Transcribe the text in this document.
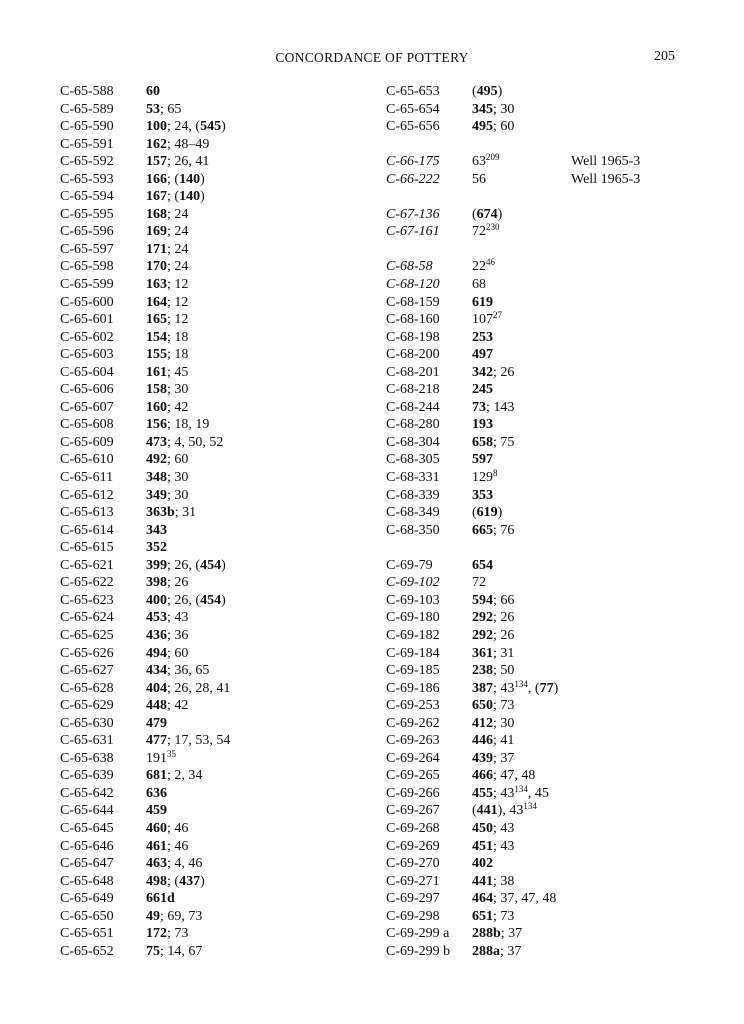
CONCORDANCE OF POTTERY	205
C-65-588 60
C-65-589 53; 65
C-65-590 100; 24, (545)
C-65-591 162; 48–49
C-65-592 157; 26, 41
C-65-593 166; (140)
C-65-594 167; (140)
C-65-595 168; 24
C-65-596 169; 24
C-65-597 171; 24
C-65-598 170; 24
C-65-599 163; 12
C-65-600 164; 12
C-65-601 165; 12
C-65-602 154; 18
C-65-603 155; 18
C-65-604 161; 45
C-65-606 158; 30
C-65-607 160; 42
C-65-608 156; 18, 19
C-65-609 473; 4, 50, 52
C-65-610 492; 60
C-65-611 348; 30
C-65-612 349; 30
C-65-613 363b; 31
C-65-614 343
C-65-615 352
C-65-621 399; 26, (454)
C-65-622 398; 26
C-65-623 400; 26, (454)
C-65-624 453; 43
C-65-625 436; 36
C-65-626 494; 60
C-65-627 434; 36, 65
C-65-628 404; 26, 28, 41
C-65-629 448; 42
C-65-630 479
C-65-631 477; 17, 53, 54
C-65-638 $191^{35}$
C-65-639 681; 2, 34
C-65-642 636
C-65-644 459
C-65-645 460; 46
C-65-646 461; 46
C-65-647 463; 4, 46
C-65-648 498; (437)
C-65-649 661d
C-65-650 49; 69, 73
C-65-651 172; 73
C-65-652 75; 14, 67
C-65-653 (495)
C-65-654 345; 30
C-65-656 495; 60
C-66-175 $63^{209}$	Well 1965-3
C-66-222 56	Well 1965-3
C-67-136 (674)
C-67-161 $72^{230}$
C-68-58	$22^{46}$
C-68-120 68
C-68-159 619
C-68-160 $107^{27}$
C-68-198 253
C-68-200 497
C-68-201 342; 26
C-68-218 245
C-68-244 73; 143
C-68-280 193
C-68-304 658; 75
C-68-305 597
C-68-331 $129^8$
C-68-339 353
C-68-349 (619)
C-68-350 665; 76
C-69-79	654
C-69-102 72
C-69-103 594; 66
C-69-180 292; 26
C-69-182 292; 26
C-69-184 361; 31
C-69-185 238; 50
C-69-186 387; $43^{134}$, (77)
C-69-253 650; 73
C-69-262 412; 30
C-69-263 446; 41
C-69-264 439; 37
C-69-265 466; 47, 48
C-69-266 455; $43^{134}$, 45
C-69-267 (441), $43^{134}$
C-69-268 450; 43
C-69-269 451; 43
C-69-270 402
C-69-271 441; 38
C-69-297 464; 37, 47, 48
C-69-298 651; 73
C-69-299 a 288b; 37
C-69-299 b 288a; 37
